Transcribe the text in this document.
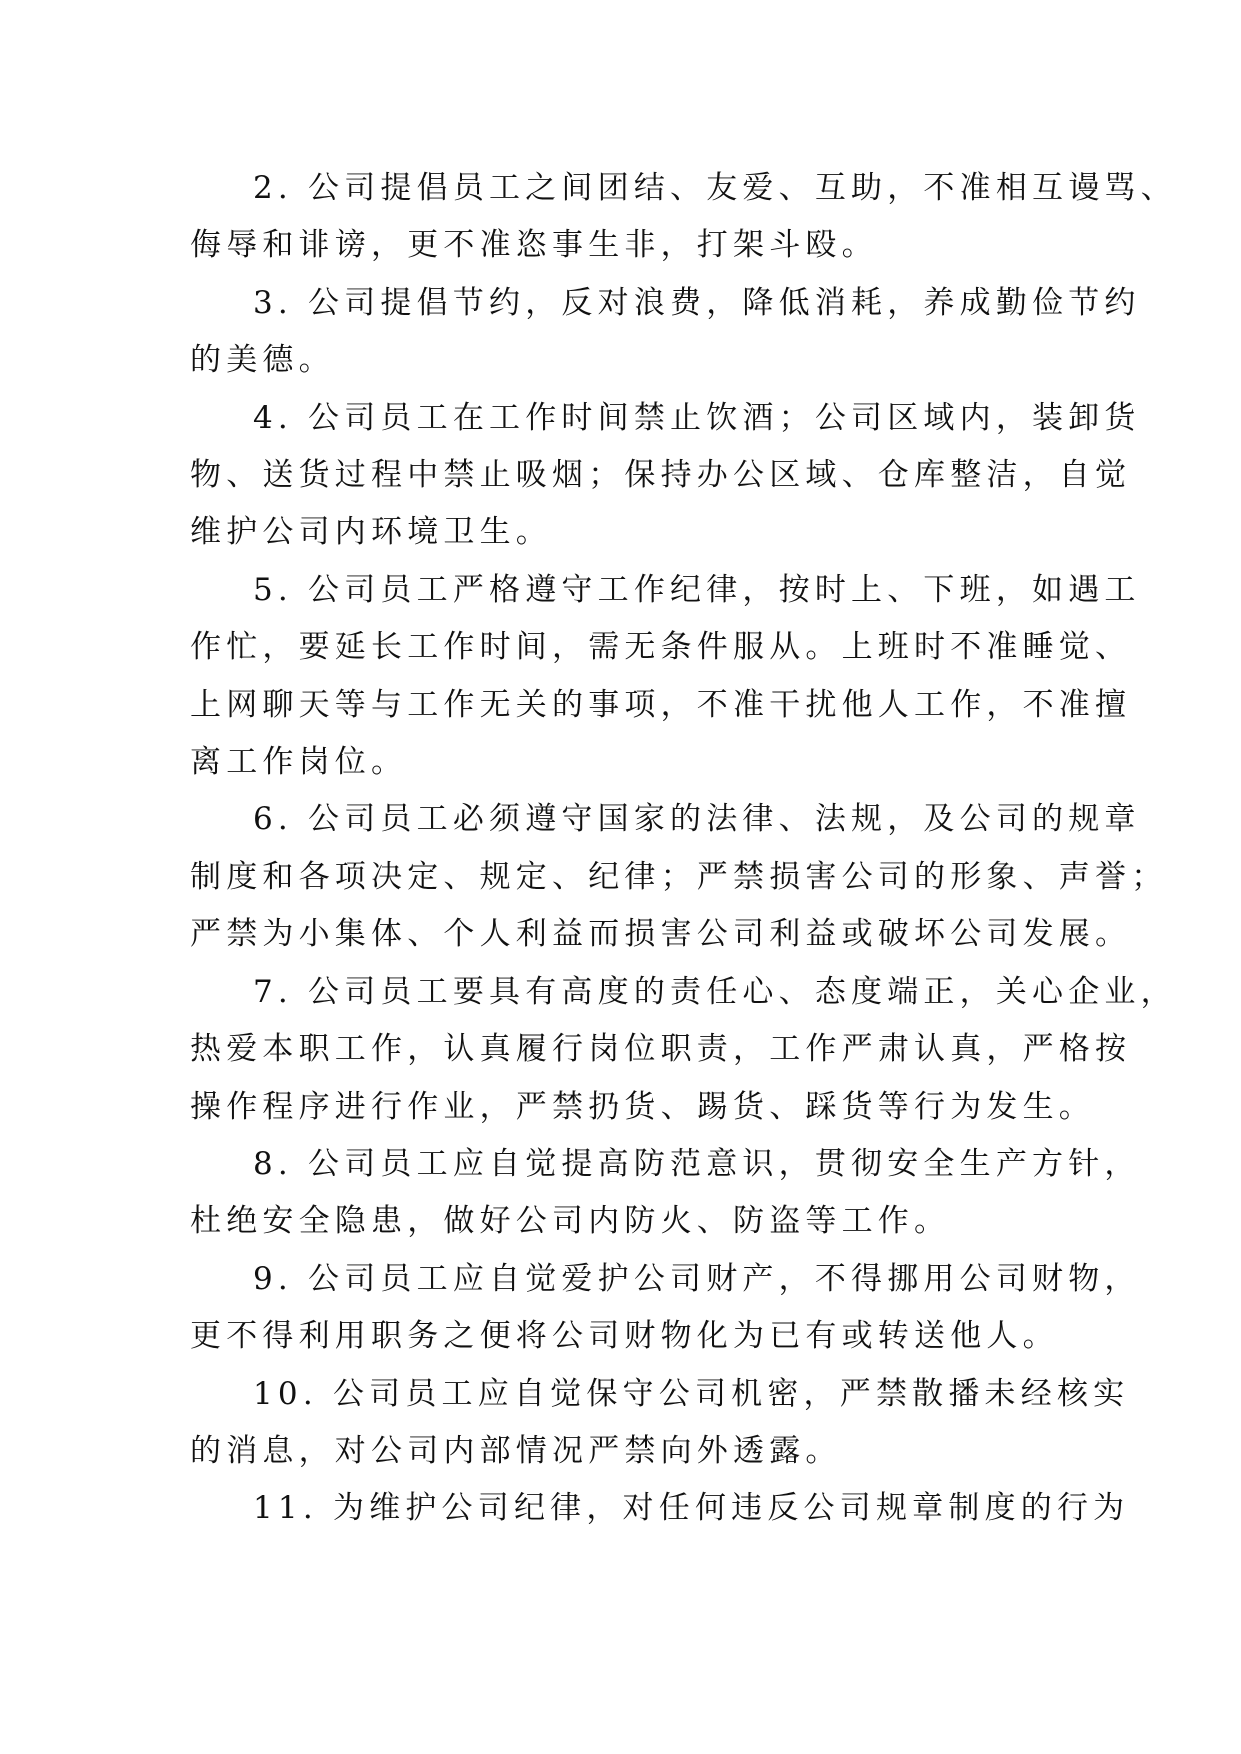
2. 公司提倡员工之间团结、友爱、互助，不准相互谩骂、
侮辱和诽谤，更不准恣事生非，打架斗殴。

3. 公司提倡节约，反对浪费，降低消耗，养成勤俭节约
的美德。

4. 公司员工在工作时间禁止饮酒；公司区域内，装卸货
物、送货过程中禁止吸烟；保持办公区域、仓库整洁，自觉
维护公司内环境卫生。

5. 公司员工严格遵守工作纪律，按时上、下班，如遇工
作忙，要延长工作时间，需无条件服从。上班时不准睡觉、
上网聊天等与工作无关的事项，不准干扰他人工作，不准擅
离工作岗位。

6. 公司员工必须遵守国家的法律、法规，及公司的规章
制度和各项决定、规定、纪律；严禁损害公司的形象、声誉；
严禁为小集体、个人利益而损害公司利益或破坏公司发展。

7. 公司员工要具有高度的责任心、态度端正，关心企业，
热爱本职工作，认真履行岗位职责，工作严肃认真，严格按
操作程序进行作业，严禁扔货、踢货、踩货等行为发生。

8. 公司员工应自觉提高防范意识，贯彻安全生产方针，
杜绝安全隐患，做好公司内防火、防盗等工作。

9. 公司员工应自觉爱护公司财产，不得挪用公司财物，
更不得利用职务之便将公司财物化为已有或转送他人。

10. 公司员工应自觉保守公司机密，严禁散播未经核实
的消息，对公司内部情况严禁向外透露。

11. 为维护公司纪律，对任何违反公司规章制度的行为
